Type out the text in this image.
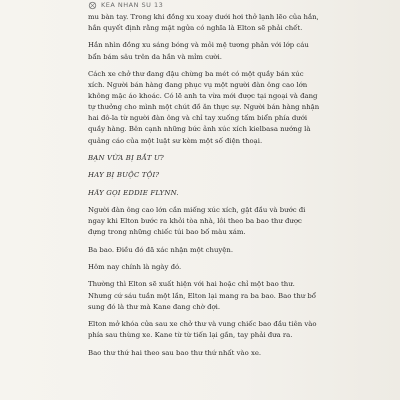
KEA NHAN SU 13

mu bàn tay. Trong khi đồng xu xoay dưới hơi thở lạnh lẽo của hắn, hắn quyết định rằng mặt ngửa có nghĩa là Elton sẽ phải chết.

Hắn nhìn đồng xu sáng bóng và mỏi mệ tương phản với lớp cáu bẩn bám sâu trên da hắn và mỉm cười.

Cách xe chở thư đang đậu chừng ba mét có một quầy bán xúc xích. Người bán hàng đang phục vụ một người đàn ông cao lớn không mặc áo khoác. Có lẽ anh ta vừa mới được tại ngoại và đang tự thưởng cho mình một chút đồ ăn thực sự. Người bán hàng nhận hai đô-la từ người đàn ông và chỉ tay xuống tấm biển phía dưới quầy hàng. Bên cạnh những bức ảnh xúc xích kielbasa nướng là quảng cáo của một luật sư kèm một số điện thoại.

BẠN VỪA BỊ BẮT Ư?

HAY BỊ BUỘC TỘI?

HÃY GỌI EDDIE FLYNN.

Người đàn ông cao lớn cắn miếng xúc xích, gật đầu và bước đi ngay khi Elton bước ra khỏi tòa nhà, lôi theo ba bao thư được đựng trong những chiếc túi bao bố màu xám.

Ba bao. Điều đó đã xác nhận một chuyện.

Hôm nay chính là ngày đó.

Thường thì Elton sẽ xuất hiện với hai hoặc chỉ một bao thư. Nhưng cứ sáu tuần một lần, Elton lại mang ra ba bao. Bao thư bổ sung đó là thư mà Kane đang chờ đợi.

Elton mở khóa cửa sau xe chở thư và vung chiếc bao đầu tiên vào phía sau thùng xe. Kane từ từ tiến lại gần, tay phải đưa ra.

Bao thư thứ hai theo sau bao thư thứ nhất vào xe.
